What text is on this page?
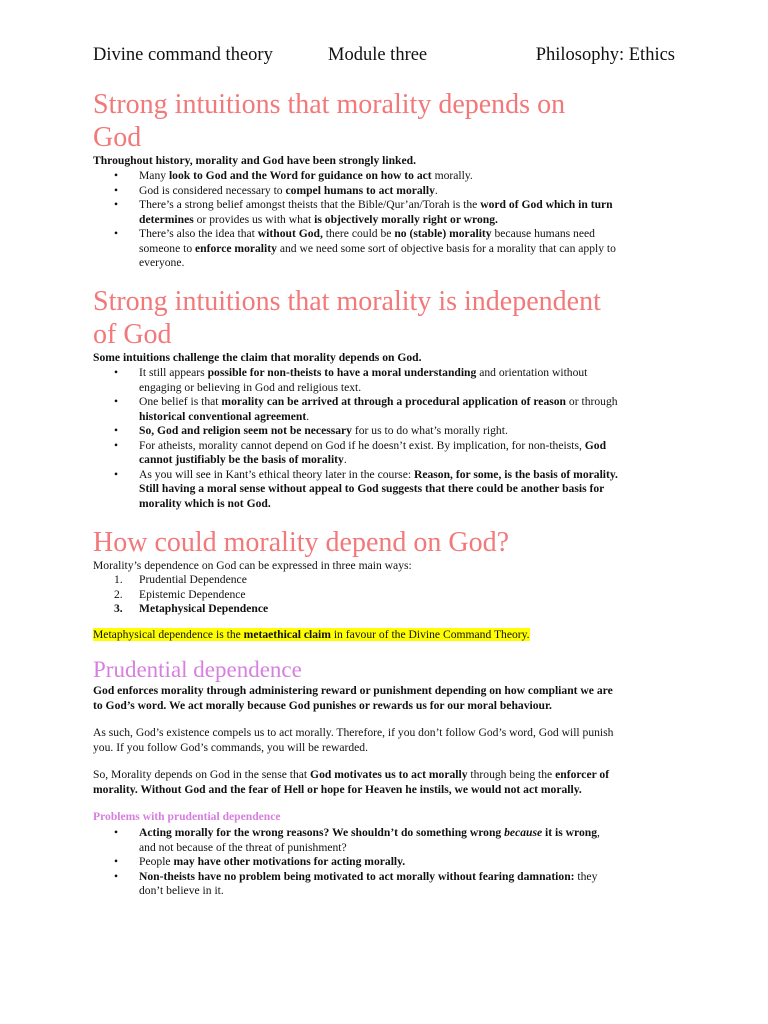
Divine command theory	Module three	Philosophy: Ethics
Strong intuitions that morality depends on
God
Throughout history, morality and God have been strongly linked.
• Many look to God and the Word for guidance on how to act morally.
• God is considered necessary to compel humans to act morally.
• There’s a strong belief amongst theists that the Bible/Qur’an/Torah is the word of God which in turn
determines or provides us with what is objectively morally right or wrong.
• There’s also the idea that without God, there could be no (stable) morality because humans need
someone to enforce morality and we need some sort of objective basis for a morality that can apply to
everyone.
Strong intuitions that morality is independent
of God
Some intuitions challenge the claim that morality depends on God.
• It still appears possible for non-theists to have a moral understanding and orientation without
engaging or believing in God and religious text.
• One belief is that morality can be arrived at through a procedural application of reason or through
historical conventional agreement.
• So, God and religion seem not be necessary for us to do what’s morally right.
• For atheists, morality cannot depend on God if he doesn’t exist. By implication, for non-theists, God
cannot justifiably be the basis of morality.
• As you will see in Kant’s ethical theory later in the course: Reason, for some, is the basis of morality.
Still having a moral sense without appeal to God suggests that there could be another basis for
morality which is not God.
How could morality depend on God?
Morality’s dependence on God can be expressed in three main ways:
1. Prudential Dependence
2. Epistemic Dependence
3. Metaphysical Dependence
Metaphysical dependence is the metaethical claim in favour of the Divine Command Theory.
Prudential dependence
God enforces morality through administering reward or punishment depending on how compliant we are
to God’s word. We act morally because God punishes or rewards us for our moral behaviour.
As such, God’s existence compels us to act morally. Therefore, if you don’t follow God’s word, God will punish
you. If you follow God’s commands, you will be rewarded.
So, Morality depends on God in the sense that God motivates us to act morally through being the enforcer of
morality. Without God and the fear of Hell or hope for Heaven he instils, we would not act morally.
Problems with prudential dependence
• Acting morally for the wrong reasons? We shouldn’t do something wrong because it is wrong,
and not because of the threat of punishment?
• People may have other motivations for acting morally.
• Non-theists have no problem being motivated to act morally without fearing damnation: they
don’t believe in it.
